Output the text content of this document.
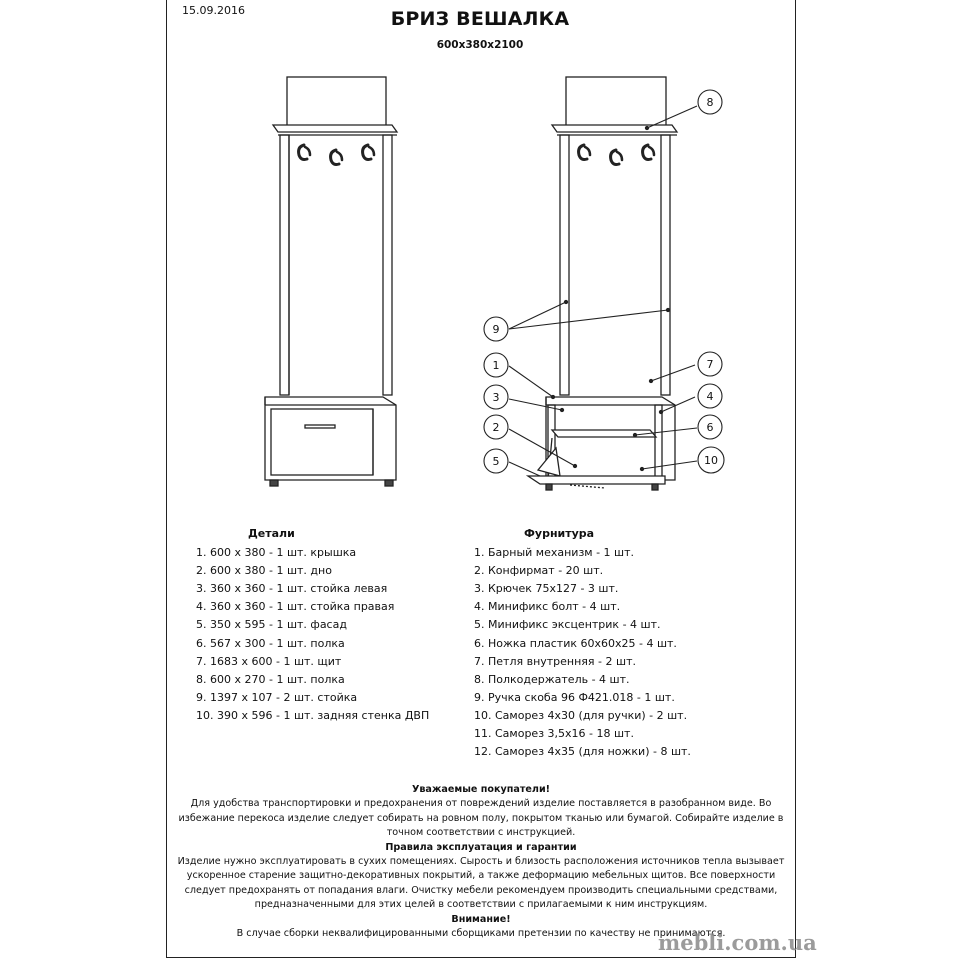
15.09.2016	БРИЗ ВЕШАЛКА
600х380х2100
8
9
1	7
3	4
2	6
5	10
Детали
1. 600 х 380 - 1 шт. крышка
2. 600 х 380 - 1 шт. дно
3. 360 х 360 - 1 шт. стойка левая
4. 360 х 360 - 1 шт. стойка правая
5. 350 х 595 - 1 шт. фасад
6. 567 х 300 - 1 шт. полка
7. 1683 х 600 - 1 шт. щит
8. 600 х 270 - 1 шт. полка
9. 1397 х 107 - 2 шт. стойка
10. 390 х 596 - 1 шт. задняя стенка ДВП
Фурнитура
1. Барный механизм - 1 шт.
2. Конфирмат - 20 шт.
3. Крючек 75х127 - 3 шт.
4. Минификс болт - 4 шт.
5. Минификс эксцентрик - 4 шт.
6. Ножка пластик 60х60х25 - 4 шт.
7. Петля внутренняя - 2 шт.
8. Полкодержатель - 4 шт.
9. Ручка скоба 96 Ф421.018 - 1 шт.
10. Саморез 4х30 (для ручки) - 2 шт.
11. Саморез 3,5х16 - 18 шт.
12. Саморез 4х35 (для ножки) - 8 шт.
Уважаемые покупатели!
Для удобства транспортировки и предохранения от повреждений изделие поставляется в разобранном виде. Во избежание перекоса изделие следует собирать на ровном полу, покрытом тканью или бумагой. Собирайте изделие в точном соответствии с инструкцией.
Правила эксплуатация и гарантии
Изделие нужно эксплуатировать в сухих помещениях. Сырость и близость расположения источников тепла вызывает ускоренное старение защитно-декоративных покрытий, а также деформацию мебельных щитов. Все поверхности следует предохранять от попадания влаги. Очистку мебели рекомендуем производить специальными средствами, предназначенными для этих целей в соответствии с прилагаемыми к ним инструкциям.
Внимание!
В случае сборки неквалифицированными сборщиками претензии по качеству не принимаются.
mebli.com.ua
